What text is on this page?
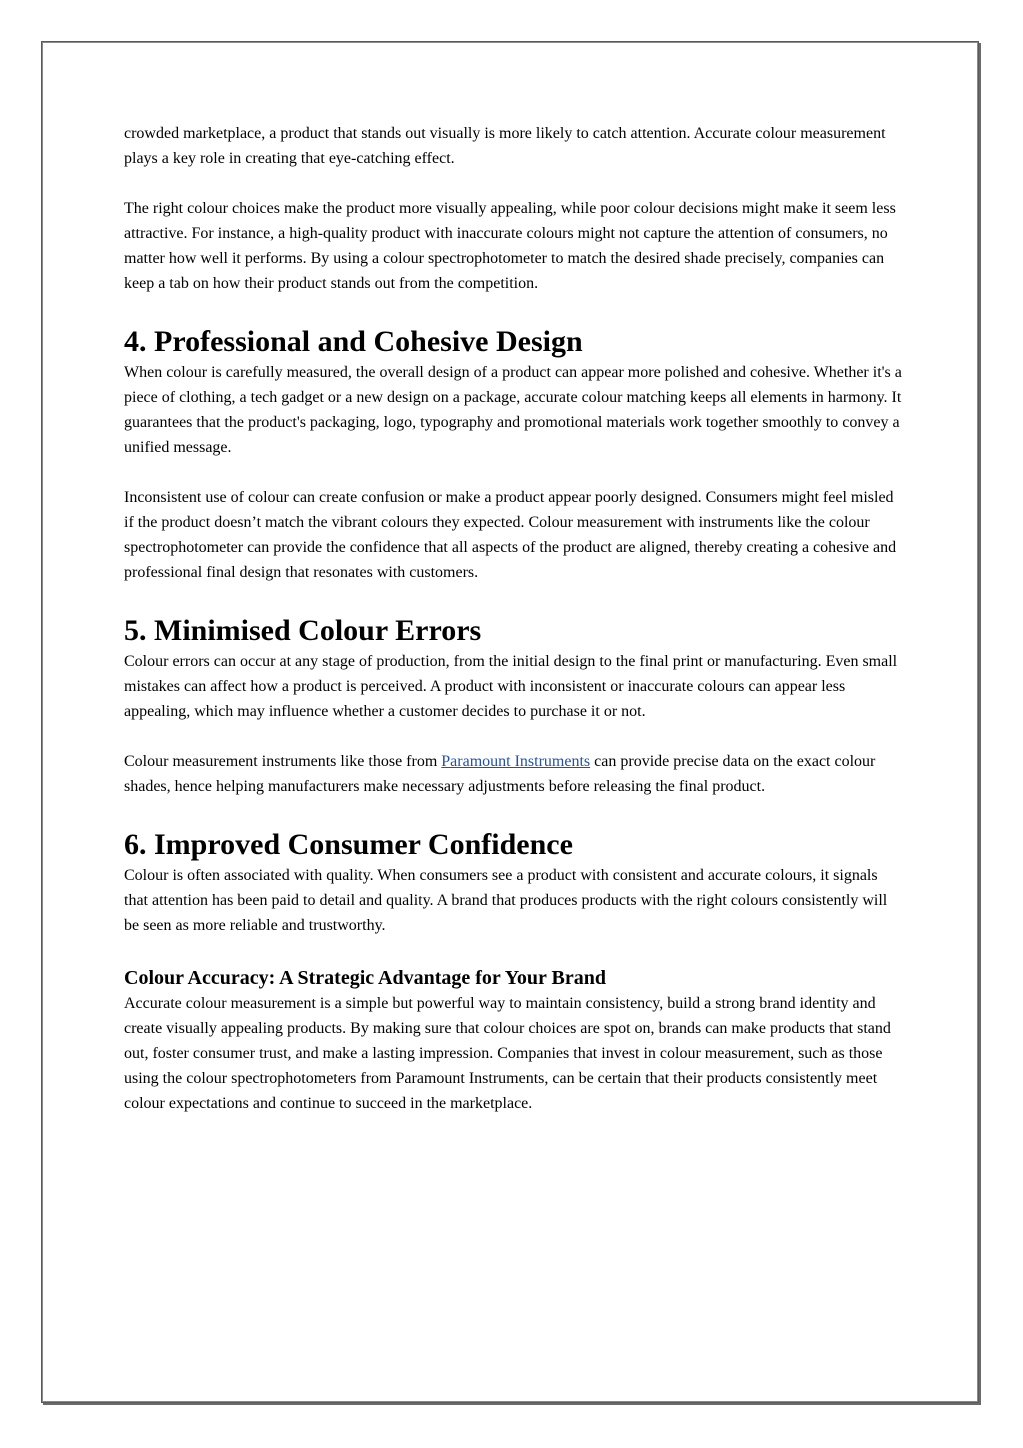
crowded marketplace, a product that stands out visually is more likely to catch attention. Accurate colour measurement plays a key role in creating that eye-catching effect.

The right colour choices make the product more visually appealing, while poor colour decisions might make it seem less attractive. For instance, a high-quality product with inaccurate colours might not capture the attention of consumers, no matter how well it performs. By using a colour spectrophotometer to match the desired shade precisely, companies can keep a tab on how their product stands out from the competition.

4. Professional and Cohesive Design

When colour is carefully measured, the overall design of a product can appear more polished and cohesive. Whether it's a piece of clothing, a tech gadget or a new design on a package, accurate colour matching keeps all elements in harmony. It guarantees that the product's packaging, logo, typography and promotional materials work together smoothly to convey a unified message.

Inconsistent use of colour can create confusion or make a product appear poorly designed. Consumers might feel misled if the product doesn’t match the vibrant colours they expected. Colour measurement with instruments like the colour spectrophotometer can provide the confidence that all aspects of the product are aligned, thereby creating a cohesive and professional final design that resonates with customers.

5. Minimised Colour Errors

Colour errors can occur at any stage of production, from the initial design to the final print or manufacturing. Even small mistakes can affect how a product is perceived. A product with inconsistent or inaccurate colours can appear less appealing, which may influence whether a customer decides to purchase it or not.

Colour measurement instruments like those from Paramount Instruments can provide precise data on the exact colour shades, hence helping manufacturers make necessary adjustments before releasing the final product.

6. Improved Consumer Confidence

Colour is often associated with quality. When consumers see a product with consistent and accurate colours, it signals that attention has been paid to detail and quality. A brand that produces products with the right colours consistently will be seen as more reliable and trustworthy.

Colour Accuracy: A Strategic Advantage for Your Brand

Accurate colour measurement is a simple but powerful way to maintain consistency, build a strong brand identity and create visually appealing products. By making sure that colour choices are spot on, brands can make products that stand out, foster consumer trust, and make a lasting impression. Companies that invest in colour measurement, such as those using the colour spectrophotometers from Paramount Instruments, can be certain that their products consistently meet colour expectations and continue to succeed in the marketplace.
